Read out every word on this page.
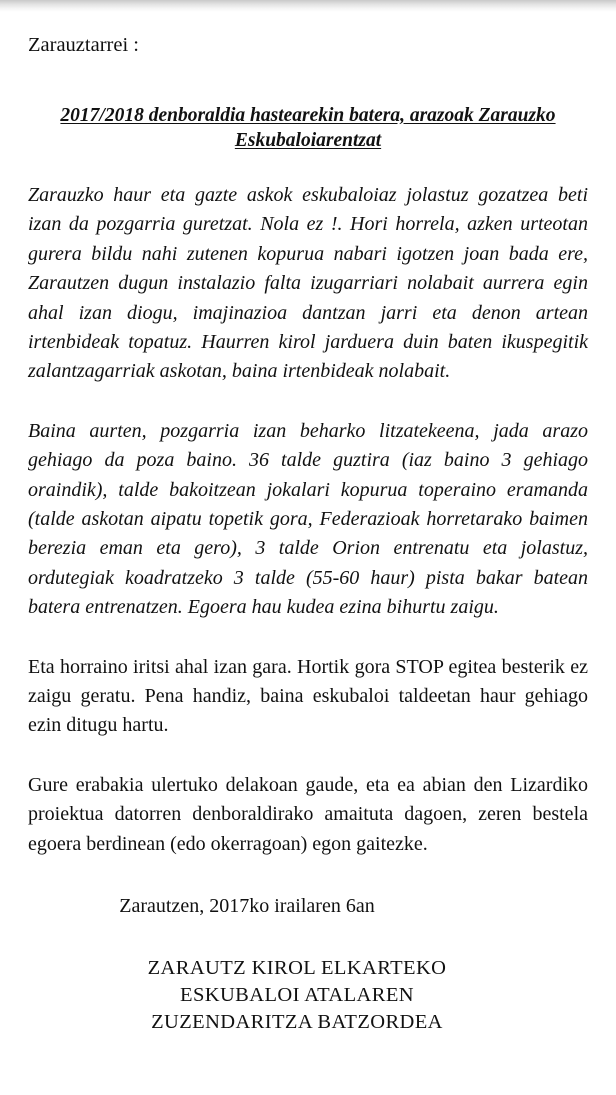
Zarauztarrei :
2017/2018 denboraldia hastearekin batera, arazoak Zarauzko
Eskubaloiarentzat

Zarauzko haur eta gazte askok eskubaloiaz jolastuz gozatzea beti izan da pozgarria guretzat. Nola ez !. Hori horrela, azken urteotan gurera bildu nahi zutenen kopurua nabari igotzen joan bada ere, Zarautzen dugun instalazio falta izugarriari nolabait aurrera egin ahal izan diogu, imajinazioa dantzan jarri eta denon artean irtenbideak topatuz. Haurren kirol jarduera duin baten ikuspegitik zalantzagarriak askotan, baina irtenbideak nolabait.

Baina aurten, pozgarria izan beharko litzatekeena, jada arazo gehiago da poza baino. 36 talde guztira (iaz baino 3 gehiago oraindik), talde bakoitzean jokalari kopurua toperaino eramanda (talde askotan aipatu topetik gora, Federazioak horretarako baimen berezia eman eta gero), 3 talde Orion entrenatu eta jolastuz, ordutegiak koadratzeko 3 talde (55-60 haur) pista bakar batean batera entrenatzen. Egoera hau kudea ezina bihurtu zaigu.

Eta horraino iritsi ahal izan gara. Hortik gora STOP egitea besterik ez zaigu geratu. Pena handiz, baina eskubaloi taldeetan haur gehiago ezin ditugu hartu.

Gure erabakia ulertuko delakoan gaude, eta ea abian den Lizardiko proiektua datorren denboraldirako amaituta dagoen, zeren bestela egoera berdinean (edo okerragoan) egon gaitezke.

Zarautzen, 2017ko irailaren 6an
ZARAUTZ KIROL ELKARTEKO
ESKUBALOI ATALAREN
ZUZENDARITZA BATZORDEA
